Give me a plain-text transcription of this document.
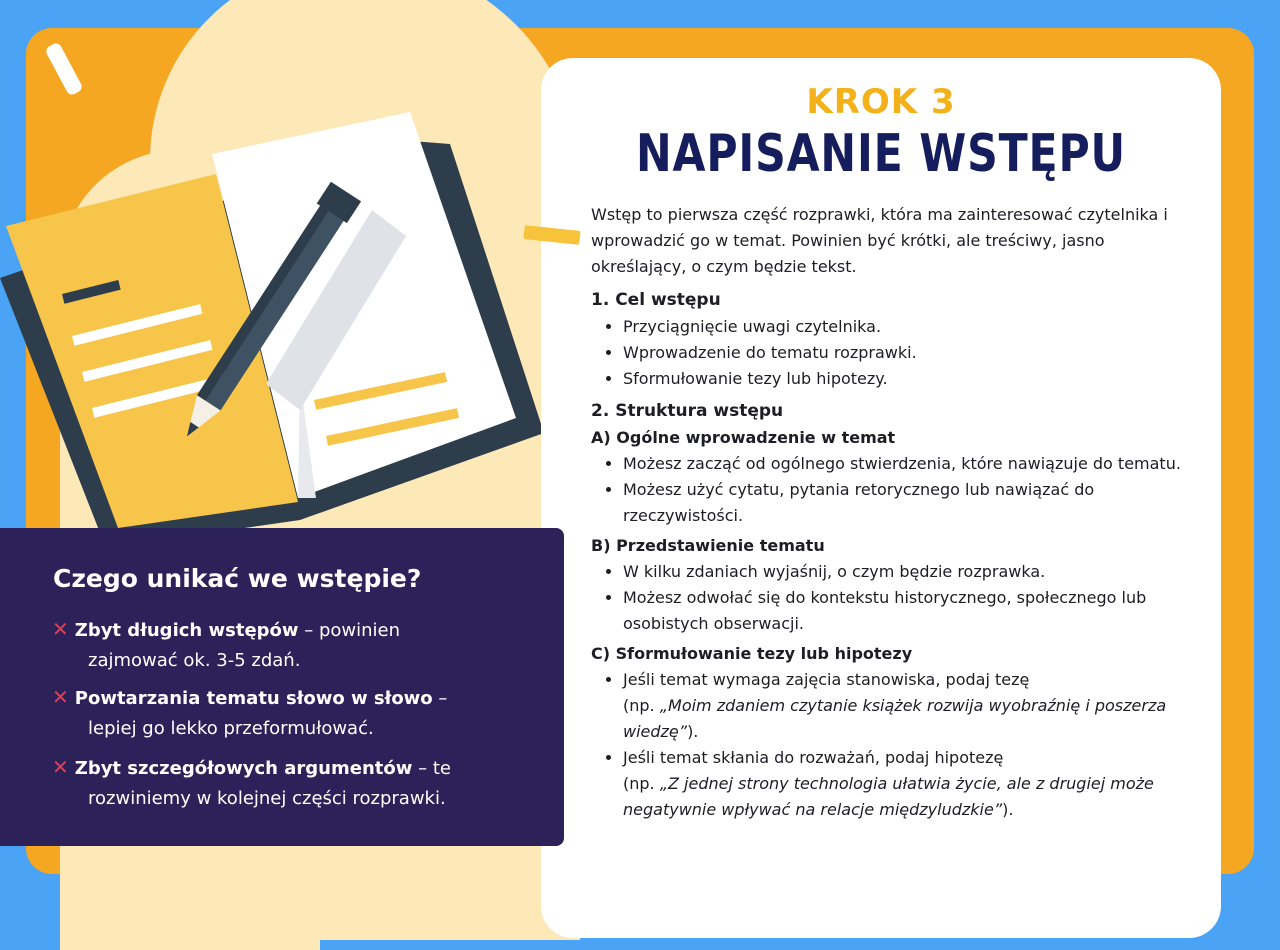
KROK 3
NAPISANIE WSTĘPU

Wstęp to pierwsza część rozprawki, która ma zainteresować czytelnika i wprowadzić go w temat. Powinien być krótki, ale treściwy, jasno określający, o czym będzie tekst.

1. Cel wstępu
• Przyciągnięcie uwagi czytelnika.
• Wprowadzenie do tematu rozprawki.
• Sformułowanie tezy lub hipotezy.
2. Struktura wstępu
A) Ogólne wprowadzenie w temat
• Możesz zacząć od ogólnego stwierdzenia, które nawiązuje do tematu.
• Możesz użyć cytatu, pytania retorycznego lub nawiązać do rzeczywistości.
B) Przedstawienie tematu
• W kilku zdaniach wyjaśnij, o czym będzie rozprawka.
• Możesz odwołać się do kontekstu historycznego, społecznego lub osobistych obserwacji.
C) Sformułowanie tezy lub hipotezy
• Jeśli temat wymaga zajęcia stanowiska, podaj tezę
(np. „Moim zdaniem czytanie książek rozwija wyobraźnię i poszerza wiedzę”).
• Jeśli temat skłania do rozważań, podaj hipotezę
(np. „Z jednej strony technologia ułatwia życie, ale z drugiej może negatywnie wpływać na relacje międzyludzkie”).
Czego unikać we wstępie?
✕ Zbyt długich wstępów – powinien
zajmować ok. 3-5 zdań.
✕ Powtarzania tematu słowo w słowo –
lepiej go lekko przeformułować.
✕ Zbyt szczegółowych argumentów – te
rozwiniemy w kolejnej części rozprawki.
